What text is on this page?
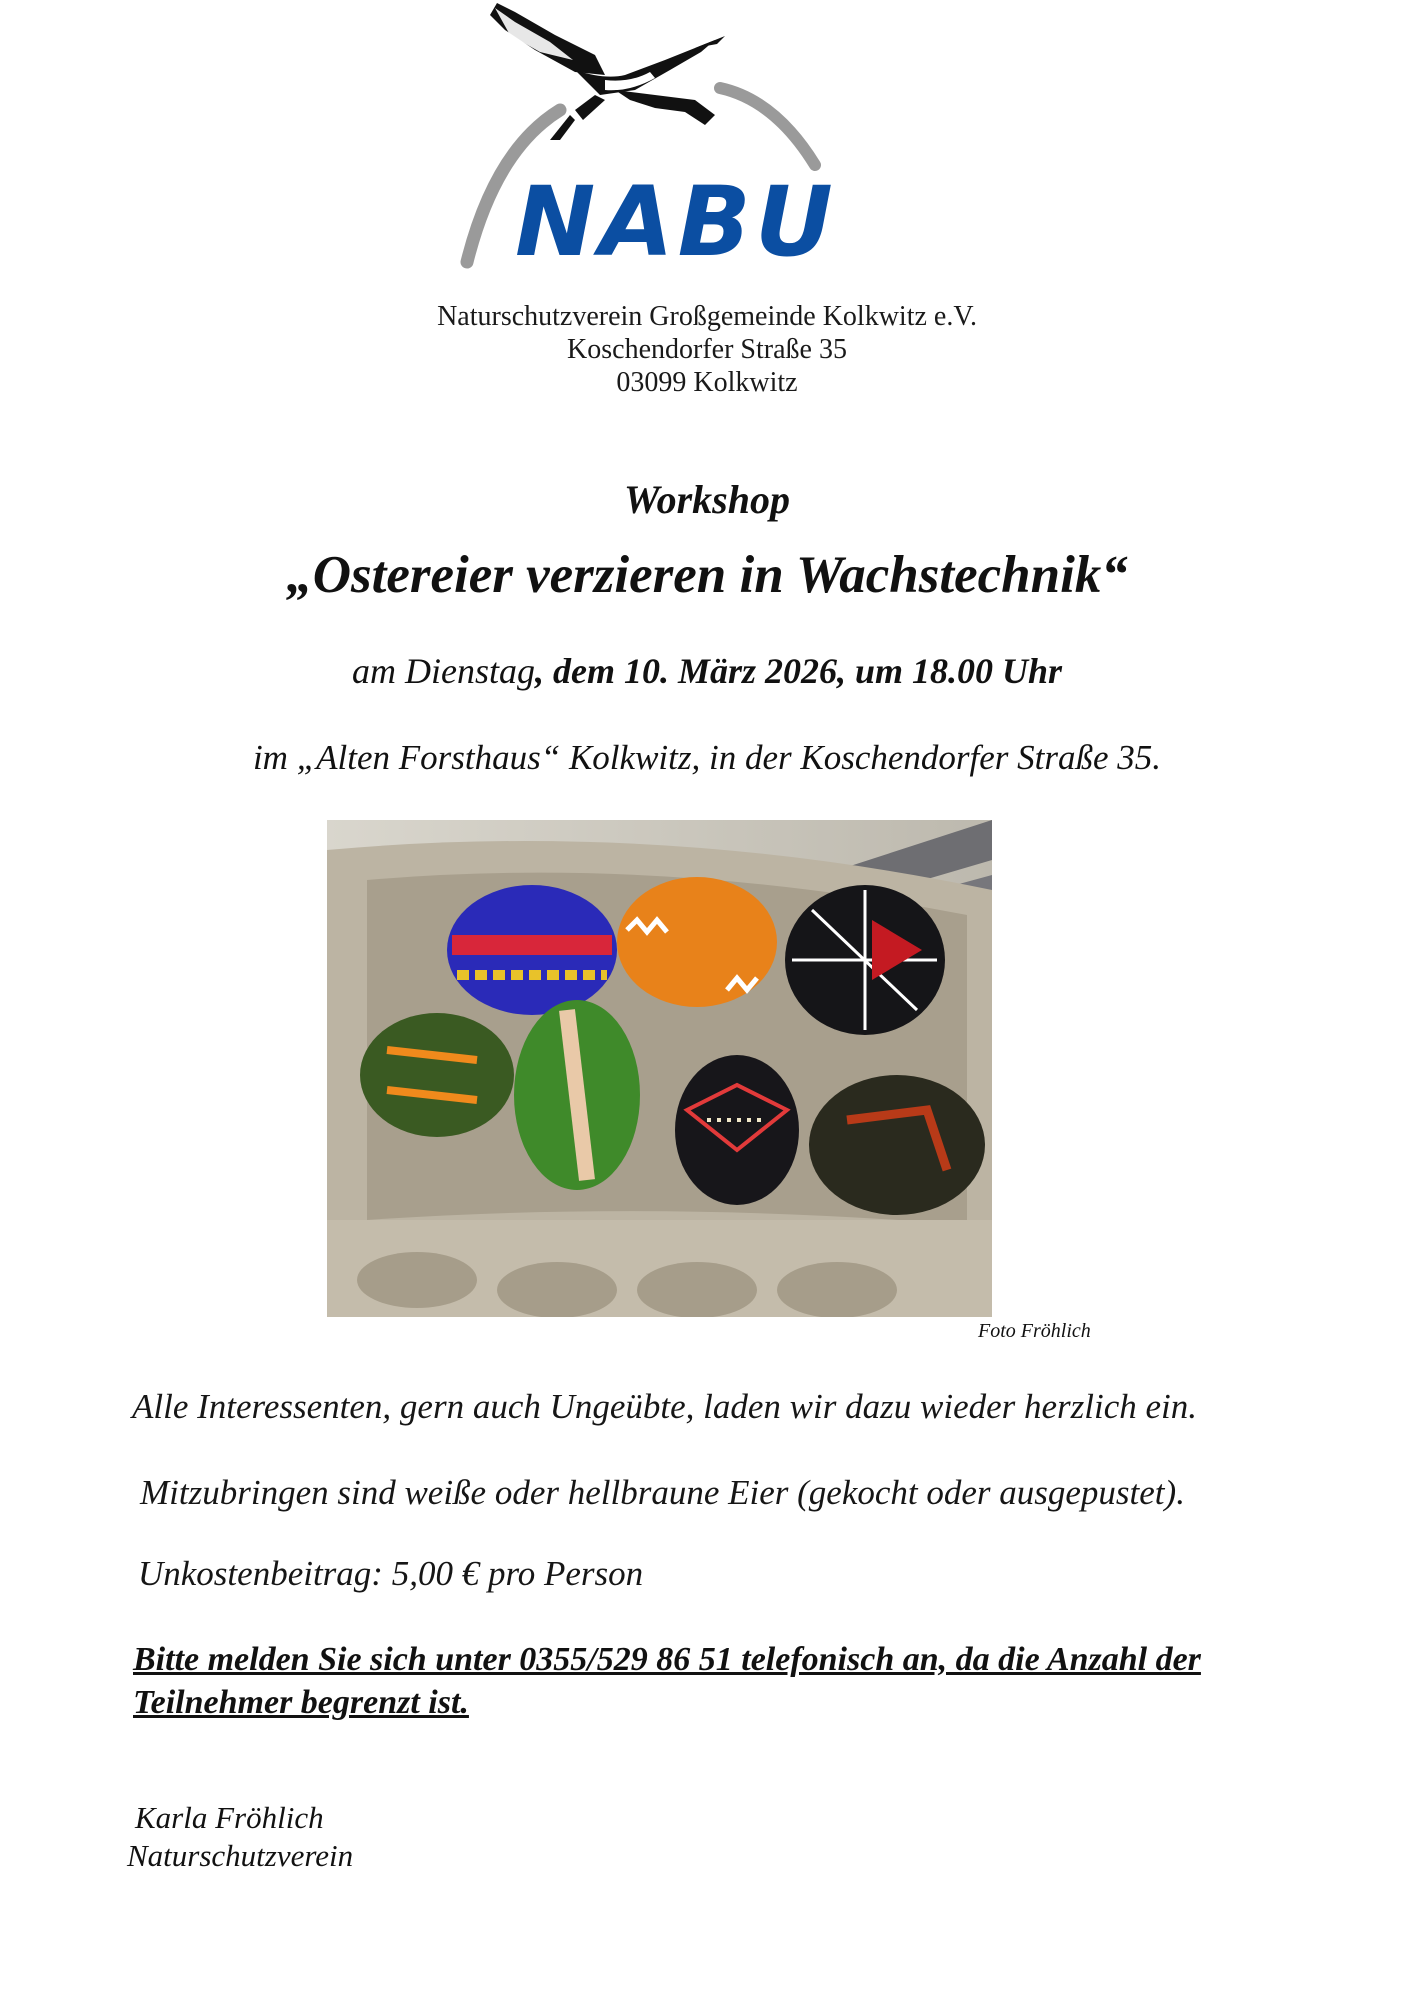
NABU
Naturschutzverein Großgemeinde Kolkwitz e.V.
Koschendorfer Straße 35
03099 Kolkwitz
Workshop
„Ostereier verzieren in Wachstechnik“
am Dienstag, dem 10. März 2026, um 18.00 Uhr
im „Alten Forsthaus“ Kolkwitz, in der Koschendorfer Straße 35.
Foto Fröhlich
Alle Interessenten, gern auch Ungeübte, laden wir dazu wieder herzlich ein.
Mitzubringen sind weiße oder hellbraune Eier (gekocht oder ausgepustet).
Unkostenbeitrag: 5,00 € pro Person
Bitte melden Sie sich unter 0355/529 86 51 telefonisch an, da die Anzahl der Teilnehmer begrenzt ist.
Karla Fröhlich
Naturschutzverein
